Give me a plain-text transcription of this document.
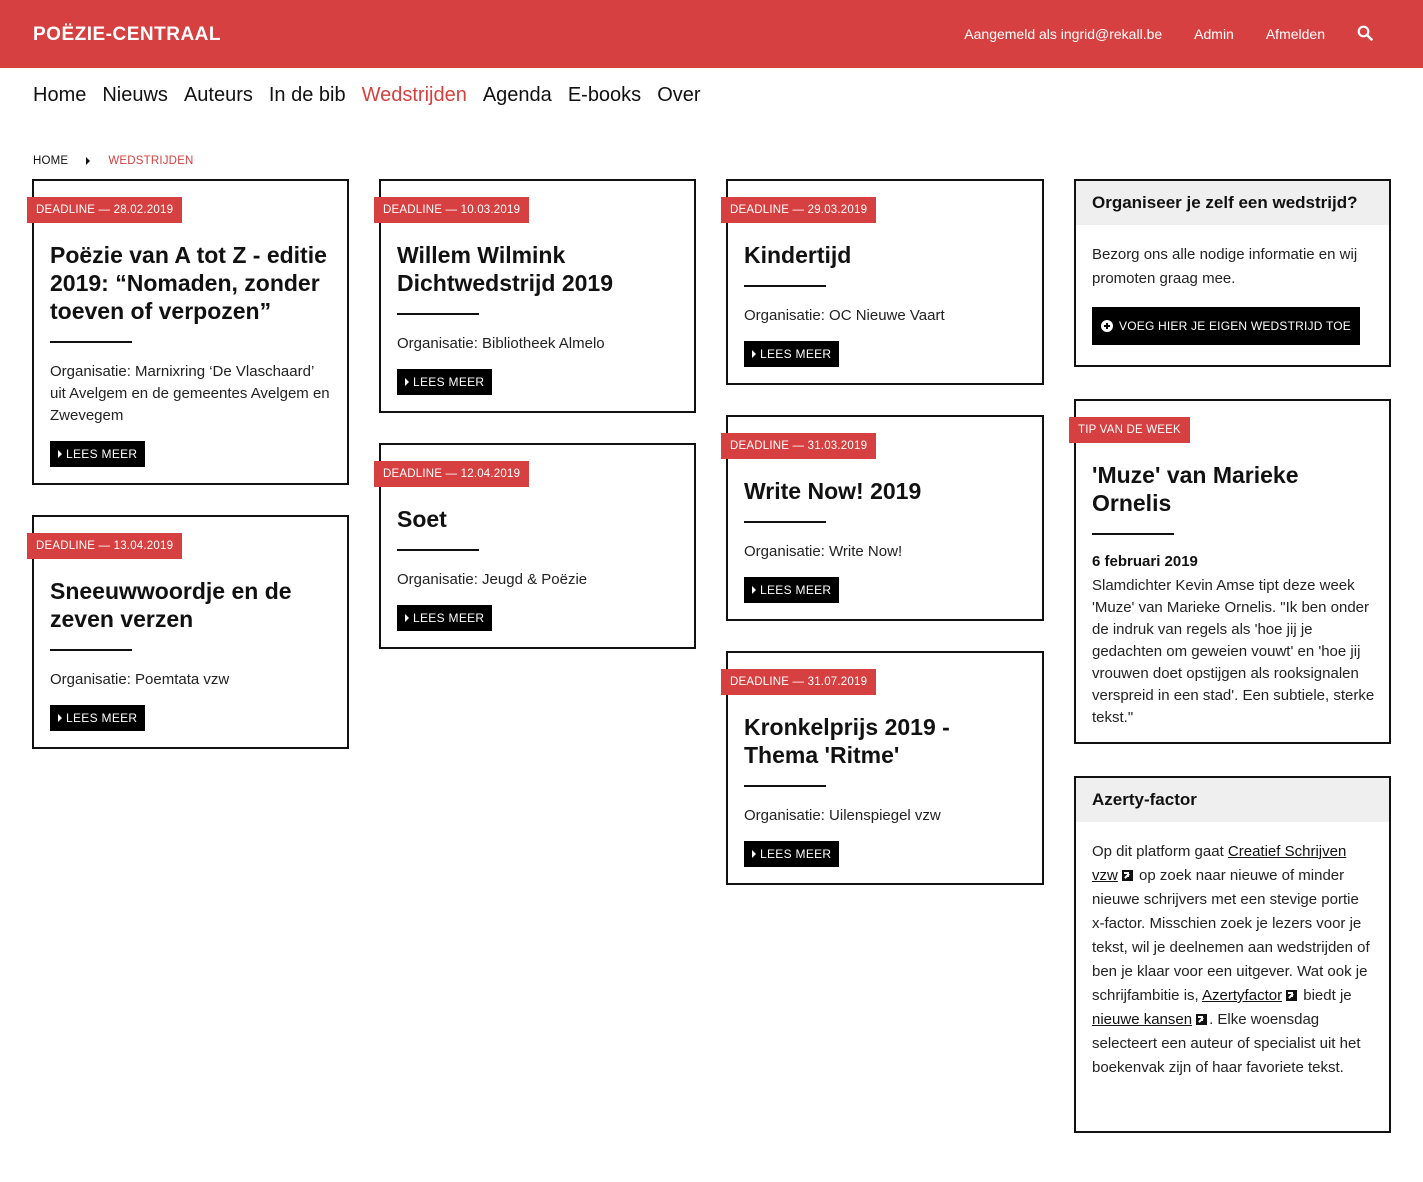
POËZIE-CENTRAAL	Aangemeld als ingrid@rekall.be Admin Afmelden
Home Nieuws Auteurs In de bib Wedstrijden Agenda E-books Over
HOME	WEDSTRIJDEN
DEADLINE — 28.02.2019
Poëzie van A tot Z - editie 2019: “Nomaden, zonder toeven of verpozen”
Organisatie: Marnixring ‘De Vlaschaard’ uit Avelgem en de gemeentes Avelgem en Zwevegem
LEES MEER
DEADLINE — 13.04.2019
Sneeuwwoordje en de zeven verzen
Organisatie: Poemtata vzw
LEES MEER
DEADLINE — 10.03.2019
Willem Wilmink Dichtwedstrijd 2019
Organisatie: Bibliotheek Almelo
LEES MEER
DEADLINE — 12.04.2019
Soet
Organisatie: Jeugd & Poëzie
LEES MEER
DEADLINE — 29.03.2019
Kindertijd
Organisatie: OC Nieuwe Vaart
LEES MEER
DEADLINE — 31.03.2019
Write Now! 2019
Organisatie: Write Now!
LEES MEER
DEADLINE — 31.07.2019
Kronkelprijs 2019 - Thema 'Ritme'
Organisatie: Uilenspiegel vzw
LEES MEER
Organiseer je zelf een wedstrijd?
Bezorg ons alle nodige informatie en wij promoten graag mee.
VOEG HIER JE EIGEN WEDSTRIJD TOE
TIP VAN DE WEEK
'Muze' van Marieke Ornelis
6 februari 2019
Slamdichter Kevin Amse tipt deze week 'Muze' van Marieke Ornelis. "Ik ben onder de indruk van regels als 'hoe jij je gedachten om geweien vouwt' en 'hoe jij vrouwen doet opstijgen als rooksignalen verspreid in een stad'. Een subtiele, sterke tekst."
Azerty-factor
Op dit platform gaat Creatief Schrijven vzw op zoek naar nieuwe of minder nieuwe schrijvers met een stevige portie x-factor. Misschien zoek je lezers voor je tekst, wil je deelnemen aan wedstrijden of ben je klaar voor een uitgever. Wat ook je schrijfambitie is, Azertyfactor biedt je nieuwe kansen . Elke woensdag selecteert een auteur of specialist uit het boekenvak zijn of haar favoriete tekst.
